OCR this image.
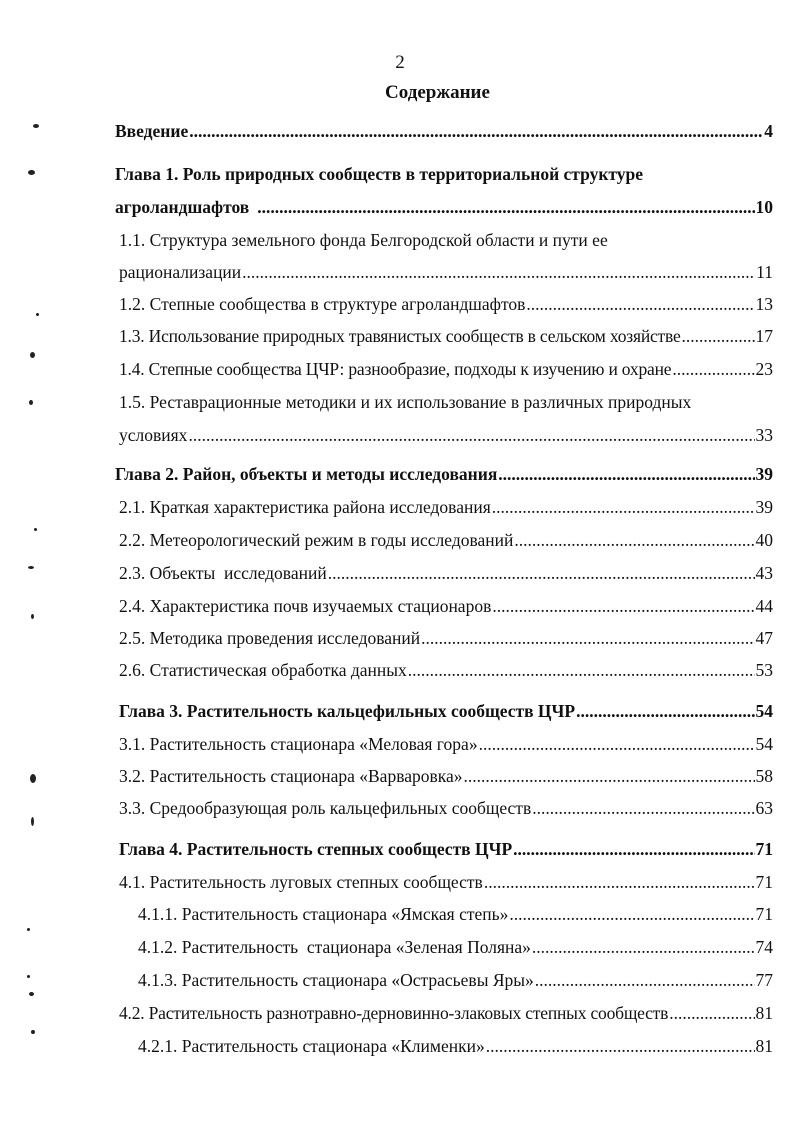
2
Содержание
Введение .....	4
Глава 1. Роль природных сообществ в территориальной структуре
агроландшафтов .....	10
1.1. Структура земельного фонда Белгородской области и пути ее
рационализации .....	11
1.2. Степные сообщества в структуре агроландшафтов .....	13
1.3. Использование природных травянистых сообществ в сельском хозяйстве .....	17
1.4. Степные сообщества ЦЧР: разнообразие, подходы к изучению и охране .....	23
1.5. Реставрационные методики и их использование в различных природных
условиях .....	33
Глава 2. Район, объекты и методы исследования .....	39
2.1. Краткая характеристика района исследования .....	39
2.2. Метеорологический режим в годы исследований .....	40
2.3. Объекты  исследований .....	43
2.4. Характеристика почв изучаемых стационаров .....	44
2.5. Методика проведения исследований .....	47
2.6. Статистическая обработка данных .....	53
Глава 3. Растительность кальцефильных сообществ ЦЧР .....	54
3.1. Растительность стационара «Меловая гора» .....	54
3.2. Растительность стационара «Варваровка» .....	58
3.3. Средообразующая роль кальцефильных сообществ .....	63
Глава 4. Растительность степных сообществ ЦЧР .....	71
4.1. Растительность луговых степных сообществ .....	71
4.1.1. Растительность стационара «Ямская степь» .....	71
4.1.2. Растительность  стационара «Зеленая Поляна» .....	74
4.1.3. Растительность стационара «Острасьевы Яры» .....	77
4.2. Растительность разнотравно-дерновинно-злаковых степных сообществ .....	81
4.2.1. Растительность стационара «Клименки» .....	81
